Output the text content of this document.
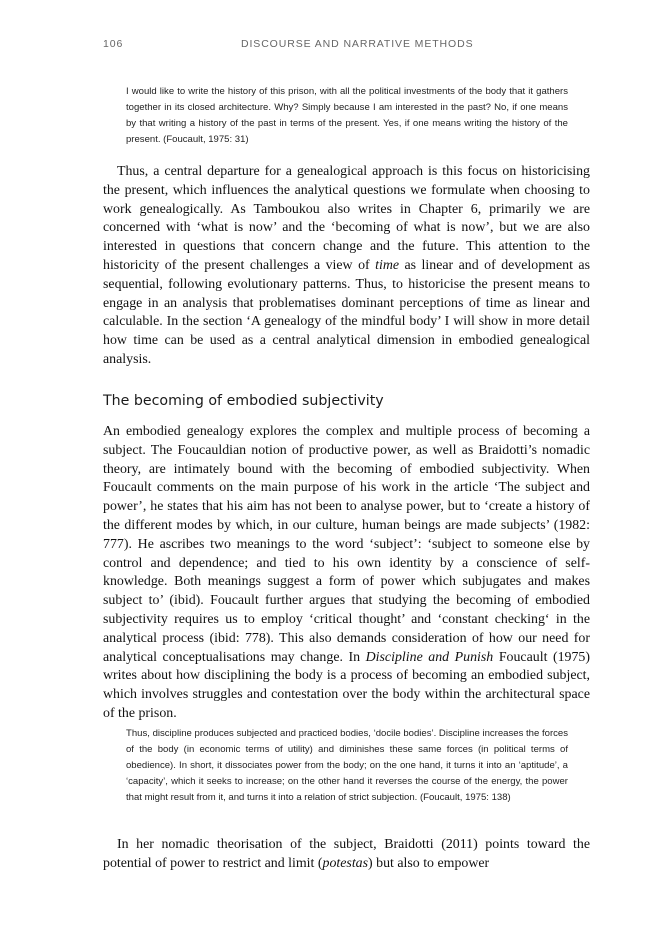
106	DISCOURSE AND NARRATIVE METHODS
I would like to write the history of this prison, with all the political investments of the body that it gathers together in its closed architecture. Why? Simply because I am interested in the past? No, if one means by that writing a history of the past in terms of the present. Yes, if one means writing the history of the present. (Foucault, 1975: 31)

Thus, a central departure for a genealogical approach is this focus on historicising the present, which influences the analytical questions we formulate when choosing to work genealogically. As Tamboukou also writes in Chapter 6, primarily we are concerned with ‘what is now’ and the ‘becoming of what is now’, but we are also interested in questions that concern change and the future. This attention to the historicity of the present challenges a view of time as linear and of development as sequential, following evolutionary patterns. Thus, to historicise the present means to engage in an analysis that problematises dominant perceptions of time as linear and calculable. In the section ‘A genealogy of the mindful body’ I will show in more detail how time can be used as a central analytical dimension in embodied genealogical analysis.

The becoming of embodied subjectivity

An embodied genealogy explores the complex and multiple process of becoming a subject. The Foucauldian notion of productive power, as well as Braidotti’s nomadic theory, are intimately bound with the becoming of embodied subjectivity. When Foucault comments on the main purpose of his work in the article ‘The subject and power’, he states that his aim has not been to analyse power, but to ‘create a history of the different modes by which, in our culture, human beings are made subjects’ (1982: 777). He ascribes two meanings to the word ‘subject’: ‘subject to someone else by control and dependence; and tied to his own identity by a conscience of self-knowledge. Both meanings suggest a form of power which subjugates and makes subject to’ (ibid). Foucault further argues that studying the becoming of embodied subjectivity requires us to employ ‘critical thought’ and ‘constant checking‘ in the analytical process (ibid: 778). This also demands consideration of how our need for analytical conceptualisations may change. In Discipline and Punish Foucault (1975) writes about how disciplining the body is a process of becoming an embodied subject, which involves struggles and contestation over the body within the architectural space of the prison.

Thus, discipline produces subjected and practiced bodies, ‘docile bodies’. Discipline increases the forces of the body (in economic terms of utility) and diminishes these same forces (in political terms of obedience). In short, it dissociates power from the body; on the one hand, it turns it into an ‘aptitude’, a ‘capacity’, which it seeks to increase; on the other hand it reverses the course of the energy, the power that might result from it, and turns it into a relation of strict subjection. (Foucault, 1975: 138)

In her nomadic theorisation of the subject, Braidotti (2011) points toward the potential of power to restrict and limit (potestas) but also to empower
